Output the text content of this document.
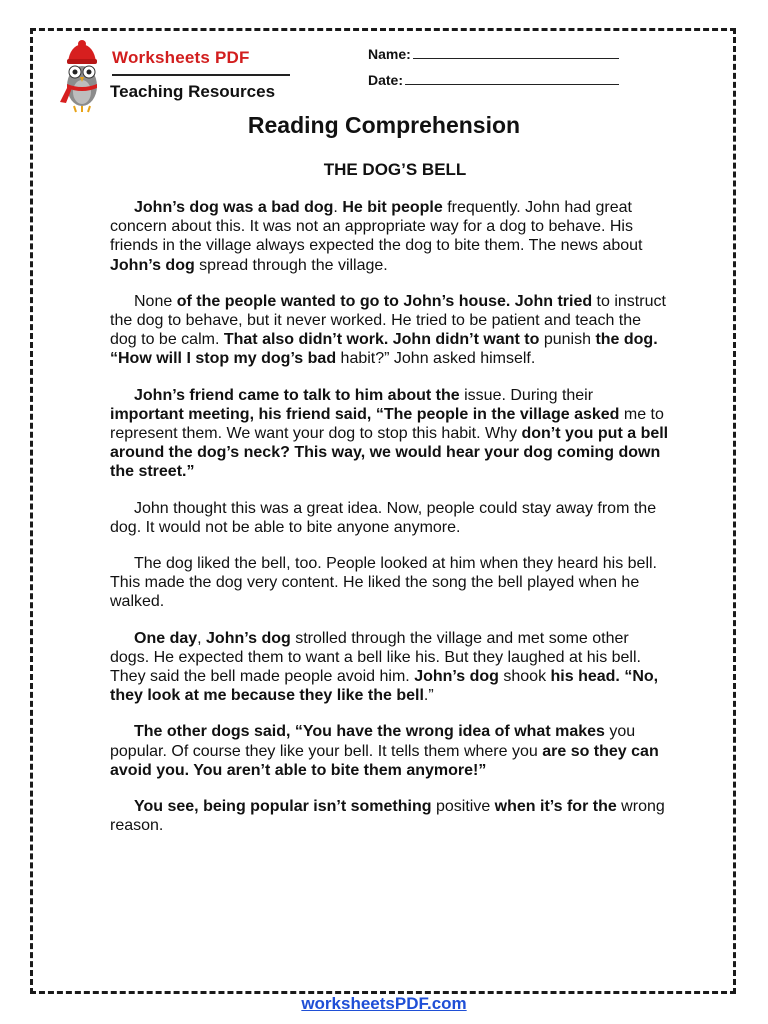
Worksheets PDF
Teaching Resources
Name:
Date:
Reading Comprehension
THE DOG’S BELL

John’s dog was a bad dog. He bit people frequently. John had great concern about this. It was not an appropriate way for a dog to behave. His friends in the village always expected the dog to bite them. The news about John’s dog spread through the village.

None of the people wanted to go to John’s house. John tried to instruct the dog to behave, but it never worked. He tried to be patient and teach the dog to be calm. That also didn’t work. John didn’t want to punish the dog. “How will I stop my dog’s bad habit?” John asked himself.

John’s friend came to talk to him about the issue. During their important meeting, his friend said, “The people in the village asked me to represent them. We want your dog to stop this habit. Why don’t you put a bell around the dog’s neck? This way, we would hear your dog coming down the street.”

John thought this was a great idea. Now, people could stay away from the dog. It would not be able to bite anyone anymore.

The dog liked the bell, too. People looked at him when they heard his bell. This made the dog very content. He liked the song the bell played when he walked.

One day, John’s dog strolled through the village and met some other dogs. He expected them to want a bell like his. But they laughed at his bell. They said the bell made people avoid him. John’s dog shook his head. “No, they look at me because they like the bell.”

The other dogs said, “You have the wrong idea of what makes you popular. Of course they like your bell. It tells them where you are so they can avoid you. You aren’t able to bite them anymore!”

You see, being popular isn’t something positive when it’s for the wrong reason.

worksheetsPDF.com
